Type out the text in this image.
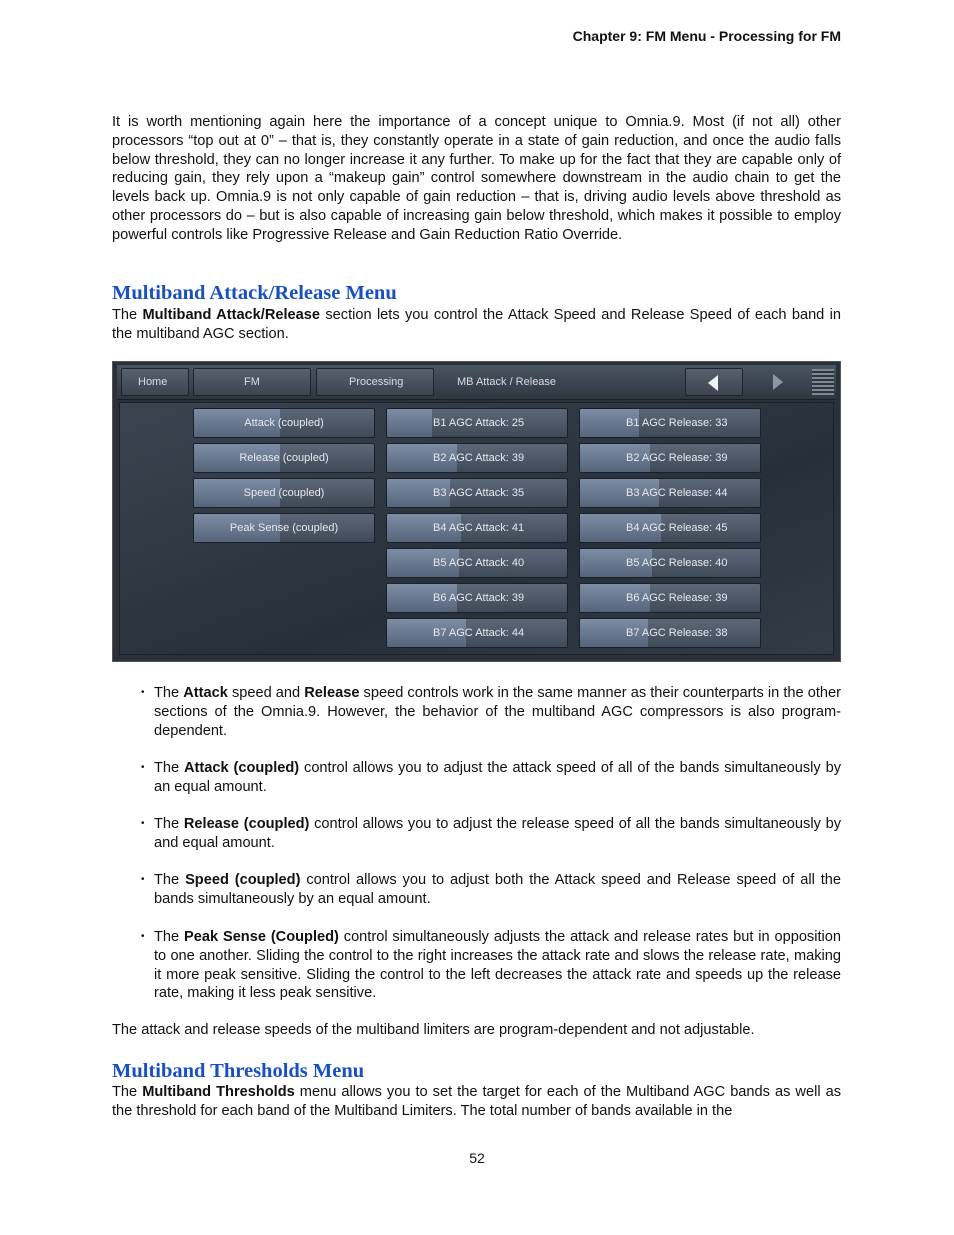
Chapter 9: FM Menu - Processing for FM

It is worth mentioning again here the importance of a concept unique to Omnia.9. Most (if not all) other processors “top out at 0” – that is, they constantly operate in a state of gain reduction, and once the audio falls below threshold, they can no longer increase it any further. To make up for the fact that they are capable only of reducing gain, they rely upon a “makeup gain” control somewhere downstream in the audio chain to get the levels back up. Omnia.9 is not only capable of gain reduction – that is, driving audio levels above threshold as other processors do – but is also capable of increasing gain below threshold, which makes it possible to employ powerful controls like Progressive Release and Gain Reduction Ratio Override.

Multiband Attack/Release Menu

The Multiband Attack/Release section lets you control the Attack Speed and Release Speed of each band in the multiband AGC section.

Home	FM	Processing	MB Attack / Release
Attack (coupled)
Release (coupled)
Speed (coupled)
Peak Sense (coupled)
B1 AGC Attack: 25
B2 AGC Attack: 39
B3 AGC Attack: 35
B4 AGC Attack: 41
B5 AGC Attack: 40
B6 AGC Attack: 39
B7 AGC Attack: 44
B1 AGC Release: 33
B2 AGC Release: 39
B3 AGC Release: 44
B4 AGC Release: 45
B5 AGC Release: 40
B6 AGC Release: 39
B7 AGC Release: 38
• The Attack speed and Release speed controls work in the same manner as their counterparts in the other sections of the Omnia.9. However, the behavior of the multiband AGC compressors is also program-dependent.
• The Attack (coupled) control allows you to adjust the attack speed of all of the bands simultaneously by an equal amount.
• The Release (coupled) control allows you to adjust the release speed of all the bands simultaneously by and equal amount.
• The Speed (coupled) control allows you to adjust both the Attack speed and Release speed of all the bands simultaneously by an equal amount.
• The Peak Sense (Coupled) control simultaneously adjusts the attack and release rates but in opposition to one another. Sliding the control to the right increases the attack rate and slows the release rate, making it more peak sensitive. Sliding the control to the left decreases the attack rate and speeds up the release rate, making it less peak sensitive.

The attack and release speeds of the multiband limiters are program-dependent and not adjustable.

Multiband Thresholds Menu

The Multiband Thresholds menu allows you to set the target for each of the Multiband AGC bands as well as the threshold for each band of the Multiband Limiters. The total number of bands available in the

52
